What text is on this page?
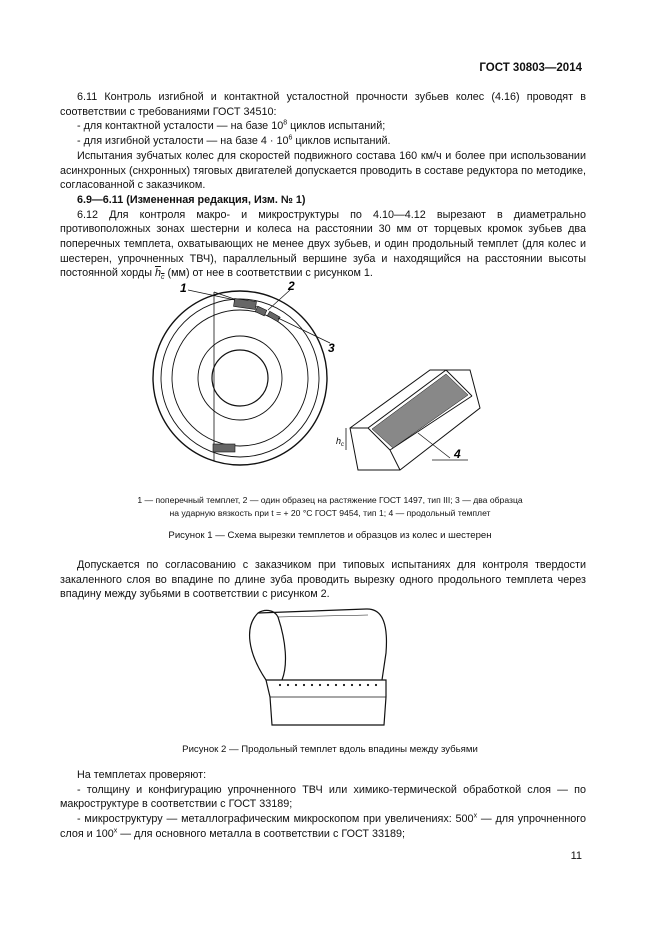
ГОСТ 30803—2014

6.11 Контроль изгибной и контактной усталостной прочности зубьев колес (4.16) проводят в соответствии с требованиями ГОСТ 34510:

- для контактной усталости — на базе $10^8$ циклов испытаний;

- для изгибной усталости — на базе $4 \cdot 10^6$ циклов испытаний.

Испытания зубчатых колес для скоростей подвижного состава 160 км/ч и более при использовании асинхронных (снхронных) тяговых двигателей допускается проводить в составе редуктора по методике, согласованной с заказчиком.

6.9—6.11 (Измененная редакция, Изм. № 1)

6.12 Для контроля макро- и микроструктуры по 4.10—4.12 вырезают в диаметрально противоположных зонах шестерни и колеса на расстоянии 30 мм от торцевых кромок зубьев два поперечных темплета, охватывающих не менее двух зубьев, и один продольный темплет (для колес и шестерен, упрочненных ТВЧ), параллельный вершине зуба и находящийся на расстоянии высоты постоянной хорды $h_c$ (мм) от нее в соответствии с рисунком 1.

1	2
3
$h_c$
4
1 — поперечный темплет, 2 — один образец на растяжение ГОСТ 1497, тип III; 3 — два образца
на ударную вязкость при t = + 20 °С ГОСТ 9454, тип 1; 4 — продольный темплет
Рисунок 1 — Схема вырезки темплетов и образцов из колес и шестерен

Допускается по согласованию с заказчиком при типовых испытаниях для контроля твердости закаленного слоя во впадине по длине зуба проводить вырезку одного продольного темплета через впадину между зубьями в соответствии с рисунком 2.

Рисунок 2 — Продольный темплет вдоль впадины между зубьями

На темплетах проверяют:

- толщину и конфигурацию упрочненного ТВЧ или химико-термической обработкой слоя — по макроструктуре в соответствии с ГОСТ 33189;

- микроструктуру — металлографическим микроскопом при увеличениях: 500$^x$ — для упрочненного слоя и 100$^x$ — для основного металла в соответствии с ГОСТ 33189;

11
